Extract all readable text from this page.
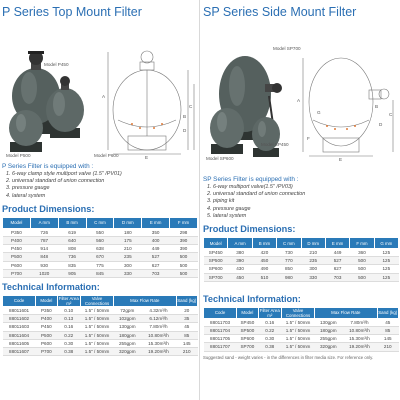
P Series Top Mount Filter
Model P450
Model P500	Model P600
A
B
C
D
E
P Series Filter is equipped with :
1. 6-way clamp style multiport valve (1.5" /PV01)
2. universal standard of union connection
3. pressure gauge
4. lateral system
Product Dimensions:
Model	A mm	B mm	C mm	D mm	E mm	F mm
P350	726	619	550	180	350	298
P400	787	640	560	175	400	390
P450	914	808	638	210	449	390
P500	848	736	670	235	527	500
P600	930	835	775	300	627	500
P700	1020	905	845	330	703	500
Technical Information:
Code	Model	Filter Area m²	Valve Connections	Max Flow Rate		Sand (kg)
88011601	P350	0.10	1.5" / 50mm	72gpm	4.32m³/h	20
88011602	P400	0.13	1.5" / 50mm	102gpm	6.12m³/h	35
88011603	P450	0.16	1.5" / 50mm	130gpm	7.80m³/h	45
88011604	P500	0.22	1.5" / 50mm	180gpm	10.80m³/h	85
88011605	P600	0.30	1.5" / 50mm	255gpm	15.30m³/h	145
88011607	P700	0.38	1.5" / 50mm	320gpm	19.20m³/h	210
SP Series Side Mount Filter
Model SP700
Model SP600
Model SP450
A
B
C
D
E
F
G
SP Series Filter is equipped with :
1. 6-way multiport valve(1.5" /PV03)
2. universal standard of union connection
3. piping kit
4. pressure gauge
5. lateral system
Product Dimensions:
Model	A mm	B mm	C mm	D mm	E mm	F mm	G mm
SP450	380	420	730	210	449	360	125
SP500	390	450	770	235	527	500	125
SP600	430	490	850	300	627	500	125
SP700	450	510	980	330	703	500	125
Technical Information:
Code	Model	Filter Area m²	Valve Connections	Max Flow Rate		Sand (kg)
88011703	SP450	0.16	1.5" / 50mm	130gpm	7.80m³/h	45
88011704	SP500	0.22	1.5" / 50mm	180gpm	10.80m³/h	85
88011705	SP600	0.30	1.5" / 50mm	255gpm	15.30m³/h	145
88011707	SP700	0.38	1.5" / 50mm	320gpm	19.20m³/h	210

Suggested sand - weight varies - in the differences in filter media size. For reference only.
